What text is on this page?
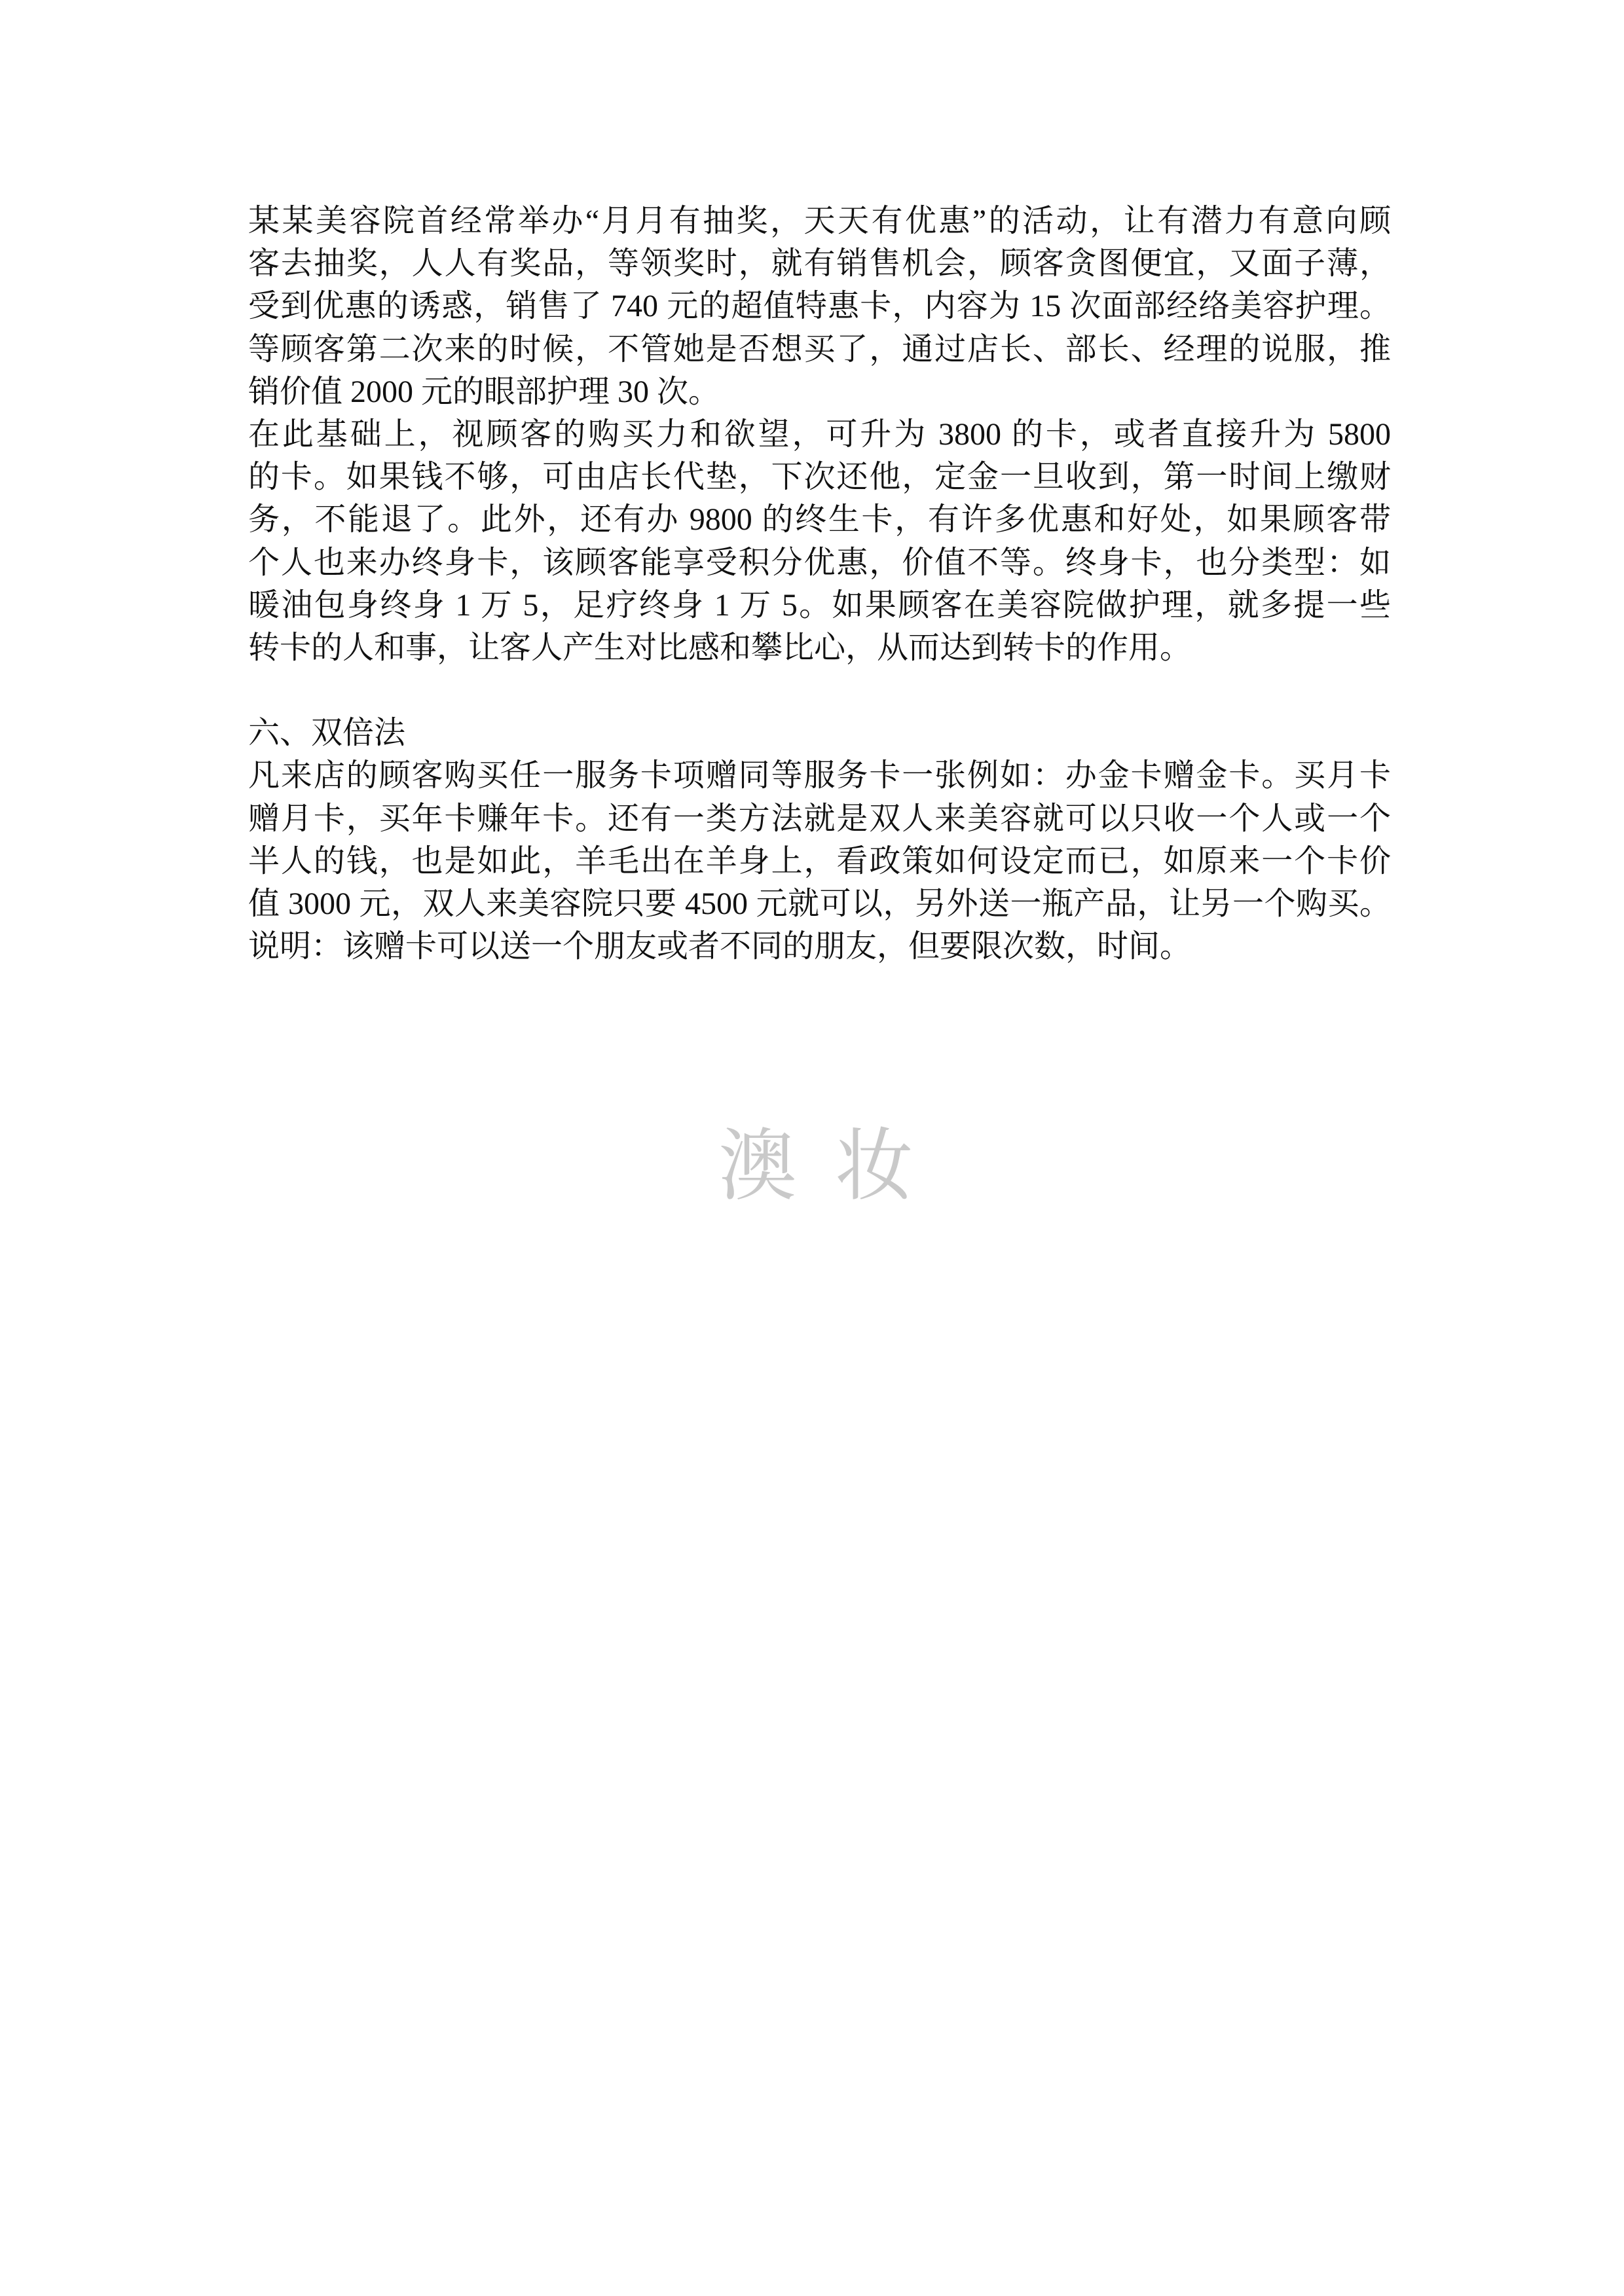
某某美容院首经常举办“月月有抽奖，天天有优惠”的活动，让有潜力有意向顾
客去抽奖，人人有奖品，等领奖时，就有销售机会，顾客贪图便宜，又面子薄，
受到优惠的诱惑，销售了 740 元的超值特惠卡，内容为 15 次面部经络美容护理。
等顾客第二次来的时候，不管她是否想买了，通过店长、部长、经理的说服，推
销价值 2000 元的眼部护理 30 次。
在此基础上，视顾客的购买力和欲望，可升为 3800 的卡，或者直接升为 5800
的卡。如果钱不够，可由店长代垫，下次还他，定金一旦收到，第一时间上缴财
务，不能退了。此外，还有办 9800 的终生卡，有许多优惠和好处，如果顾客带
个人也来办终身卡，该顾客能享受积分优惠，价值不等。终身卡，也分类型：如
暖油包身终身 1 万 5，足疗终身 1 万 5。如果顾客在美容院做护理，就多提一些
转卡的人和事，让客人产生对比感和攀比心，从而达到转卡的作用。
六、双倍法
凡来店的顾客购买任一服务卡项赠同等服务卡一张例如：办金卡赠金卡。买月卡
赠月卡，买年卡赚年卡。还有一类方法就是双人来美容就可以只收一个人或一个
半人的钱，也是如此，羊毛出在羊身上，看政策如何设定而已，如原来一个卡价
值 3000 元，双人来美容院只要 4500 元就可以，另外送一瓶产品，让另一个购买。
说明：该赠卡可以送一个朋友或者不同的朋友，但要限次数，时间。
澳 妆
